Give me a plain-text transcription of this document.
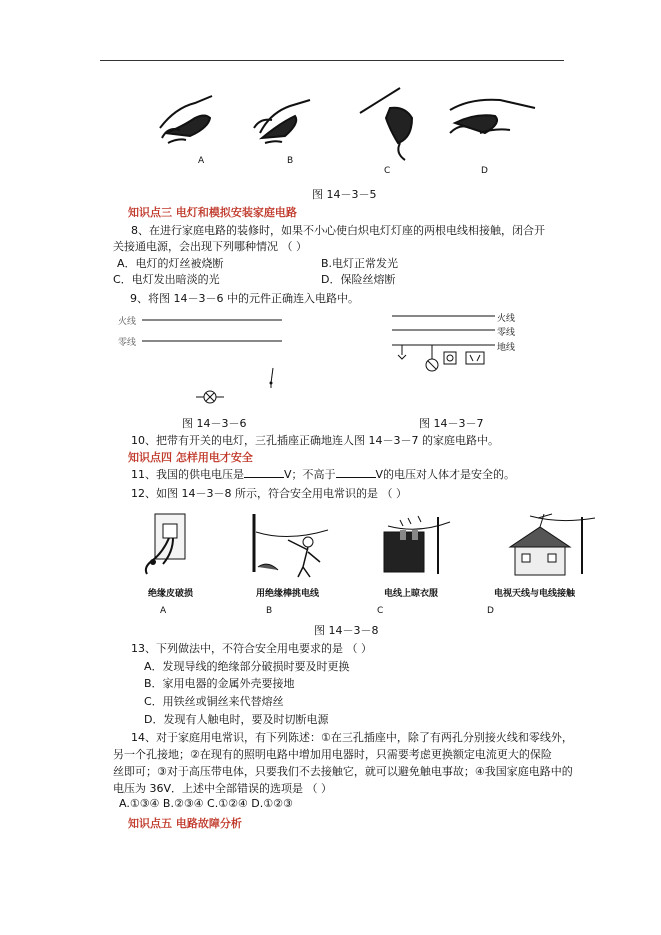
A	B
C	D
图 14－3－5
知识点三 电灯和模拟安装家庭电路
8、在进行家庭电路的装修时，如果不小心使白炽电灯灯座的两根电线相接触，闭合开
关接通电源，会出现下列哪种情况 （ ）
A．电灯的灯丝被烧断	B.电灯正常发光
C．电灯发出暗淡的光	D．保险丝熔断
9、将图 14－3－6 中的元件正确连入电路中。
火线
零线
图 14－3－6
火线
零线
地线
图 14－3－7
10、把带有开关的电灯，三孔插座正确地连人图 14－3－7 的家庭电路中。
知识点四 怎样用电才安全
11、我国的供电电压是	V；不高于	V的电压对人体才是安全的。
12、如图 14－3－8 所示，符合安全用电常识的是 （ ）
绝缘皮破损	用绝缘棒挑电线	电线上晾衣服	电视天线与电线接触
A	B	C	D
图 14－3－8
13、下列做法中，不符合安全用电要求的是 （ ）
A．发现导线的绝缘部分破损时要及时更换
B．家用电器的金属外壳要接地
C．用铁丝或铜丝来代替熔丝
D．发现有人触电时，要及时切断电源
14、对于家庭用电常识，有下列陈述：①在三孔插座中，除了有两孔分别接火线和零线外，
另一个孔接地；②在现有的照明电路中增加用电器时，只需要考虑更换额定电流更大的保险
丝即可；③对于高压带电体，只要我们不去接触它，就可以避免触电事故；④我国家庭电路中的
电压为 36V．上述中全部错误的选项是 （ ）
A.①③④ B.②③④ C.①②④ D.①②③
知识点五 电路故障分析
